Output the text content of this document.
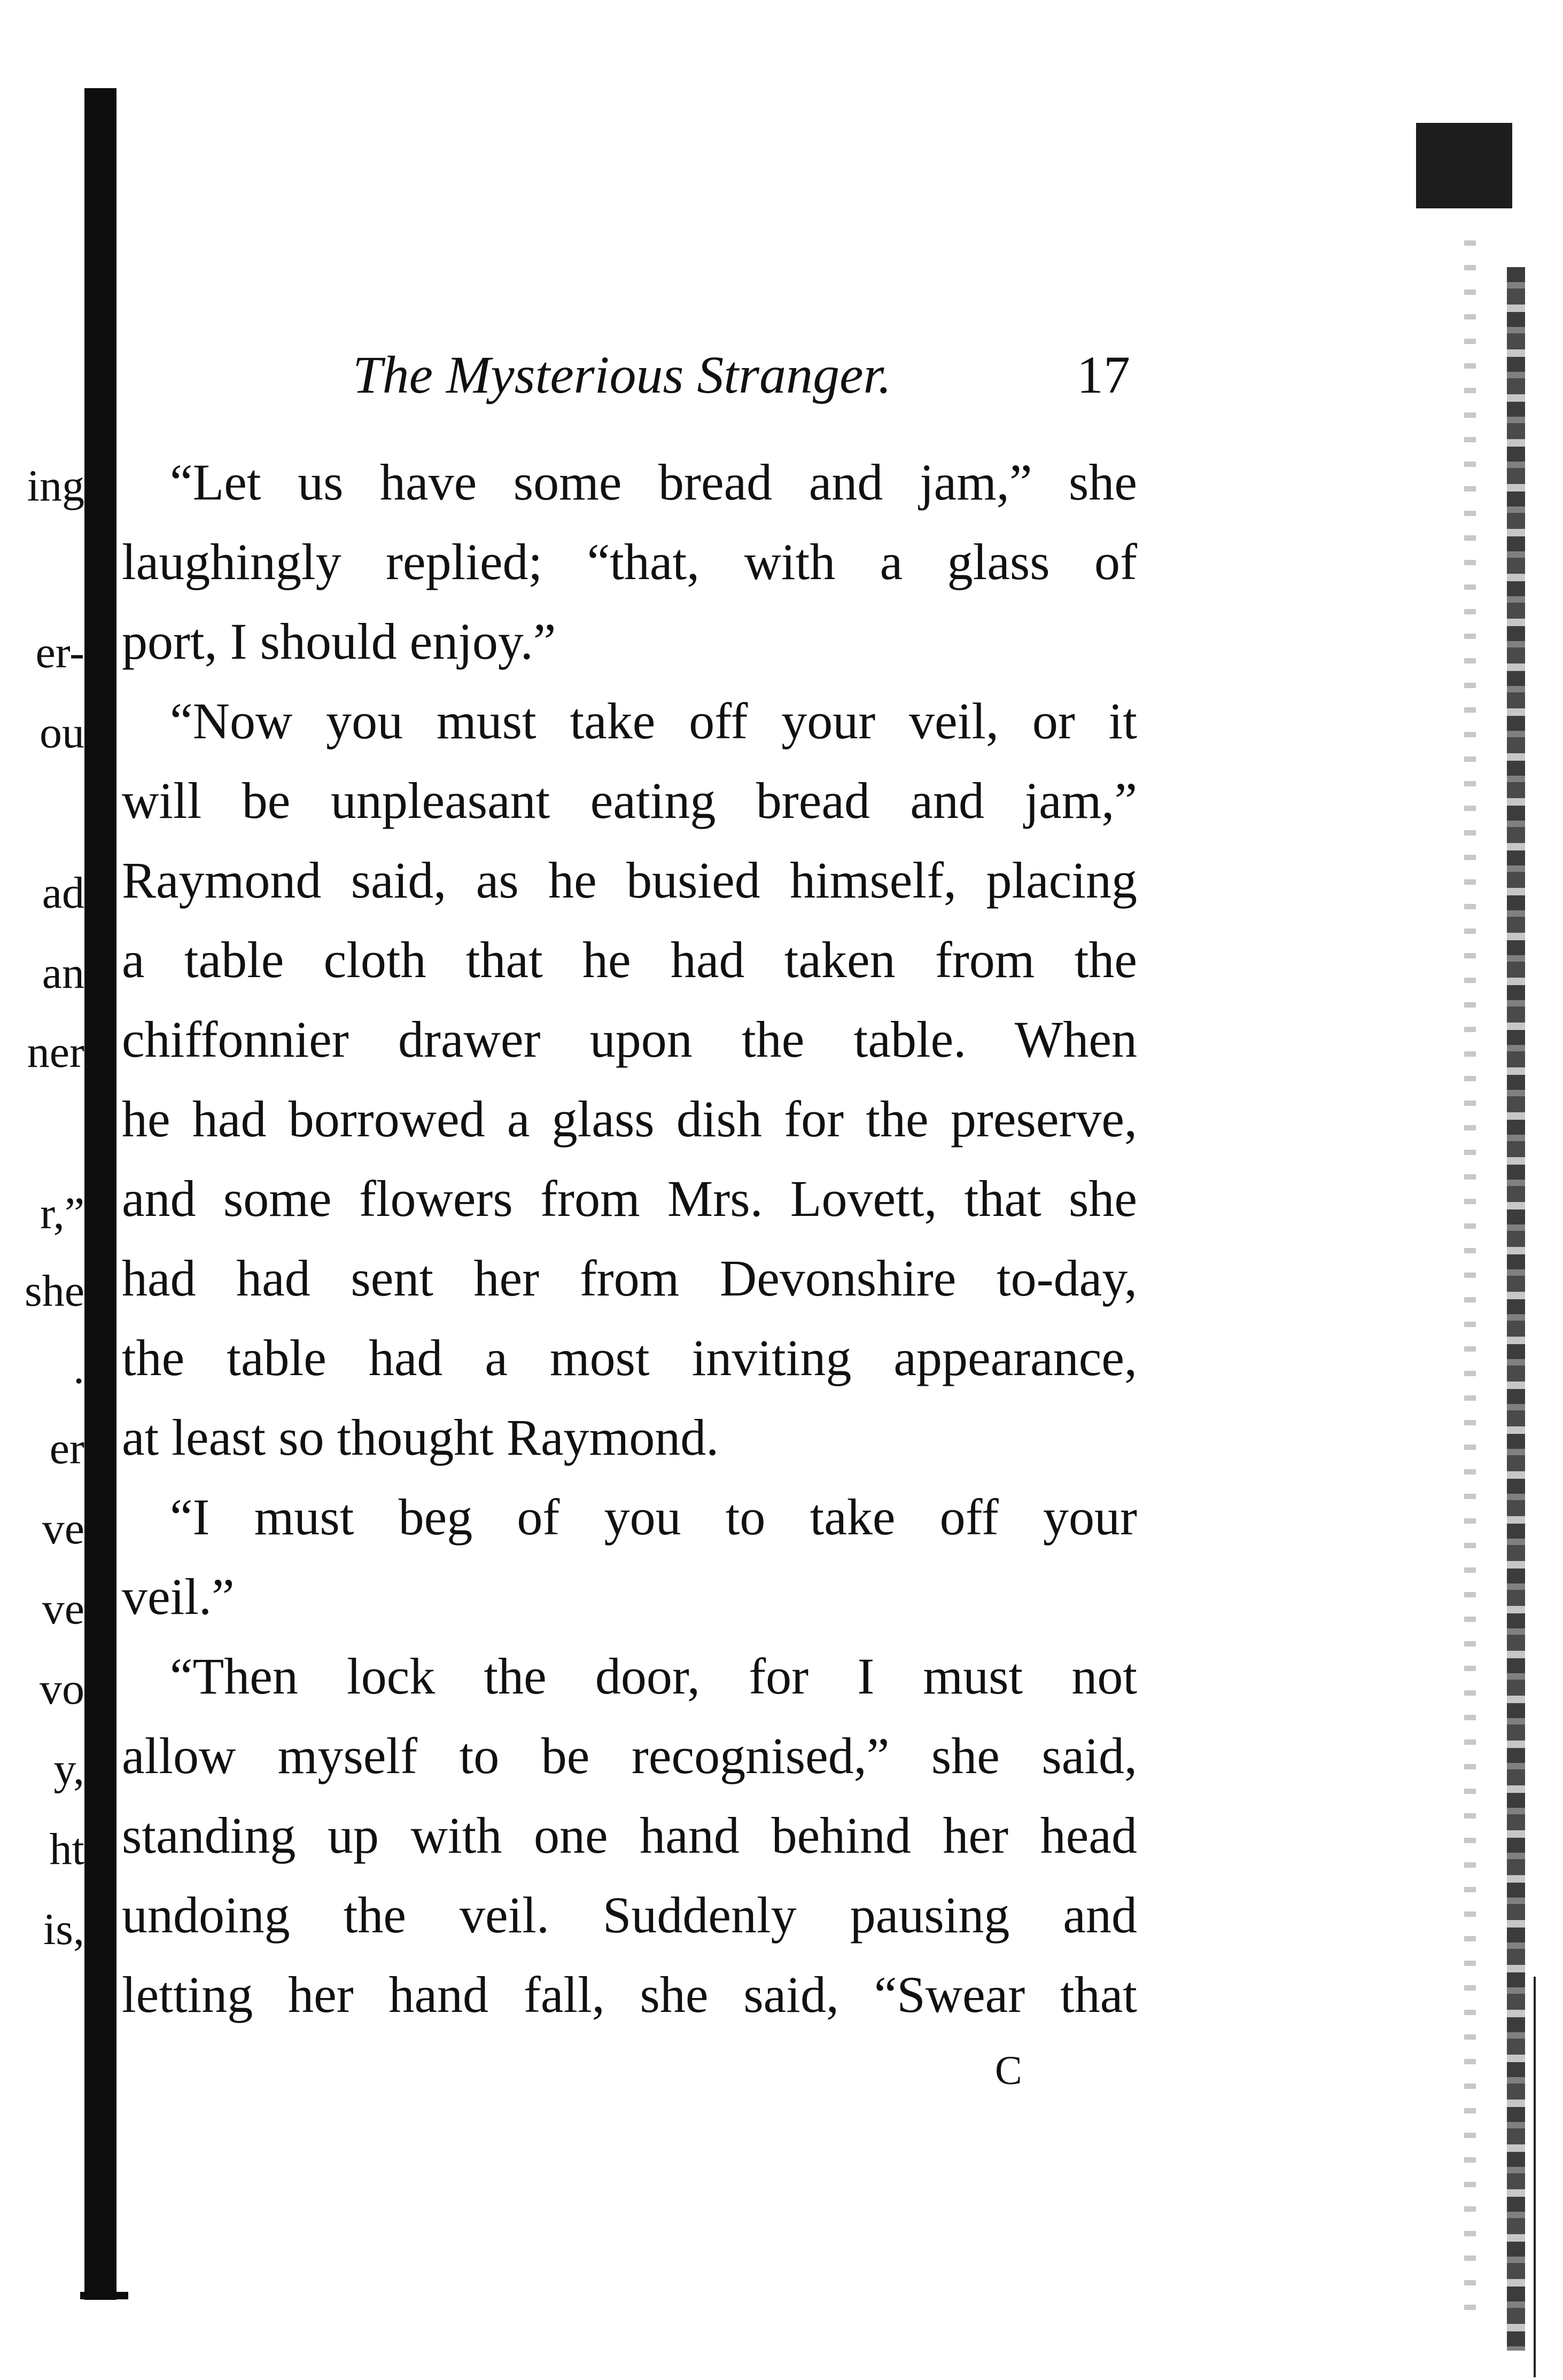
ing
er-
ou
ad
an
ner
r,”
she
.
er
ve
ve
vo
y,
ht
is,
The Mysterious Stranger.	17
“Let us have some bread and jam,” she
laughingly replied; “that, with a glass of
port, I should enjoy.”
“Now you must take off your veil, or it
will be unpleasant eating bread and jam,”
Raymond said, as he busied himself, placing
a table cloth that he had taken from the
chiffonnier drawer upon the table. When
he had borrowed a glass dish for the preserve,
and some flowers from Mrs. Lovett, that she
had had sent her from Devonshire to-day,
the table had a most inviting appearance,
at least so thought Raymond.
“I must beg of you to take off your
veil.”
“Then lock the door, for I must not
allow myself to be recognised,” she said,
standing up with one hand behind her head
undoing the veil. Suddenly pausing and
letting her hand fall, she said, “Swear that
C
